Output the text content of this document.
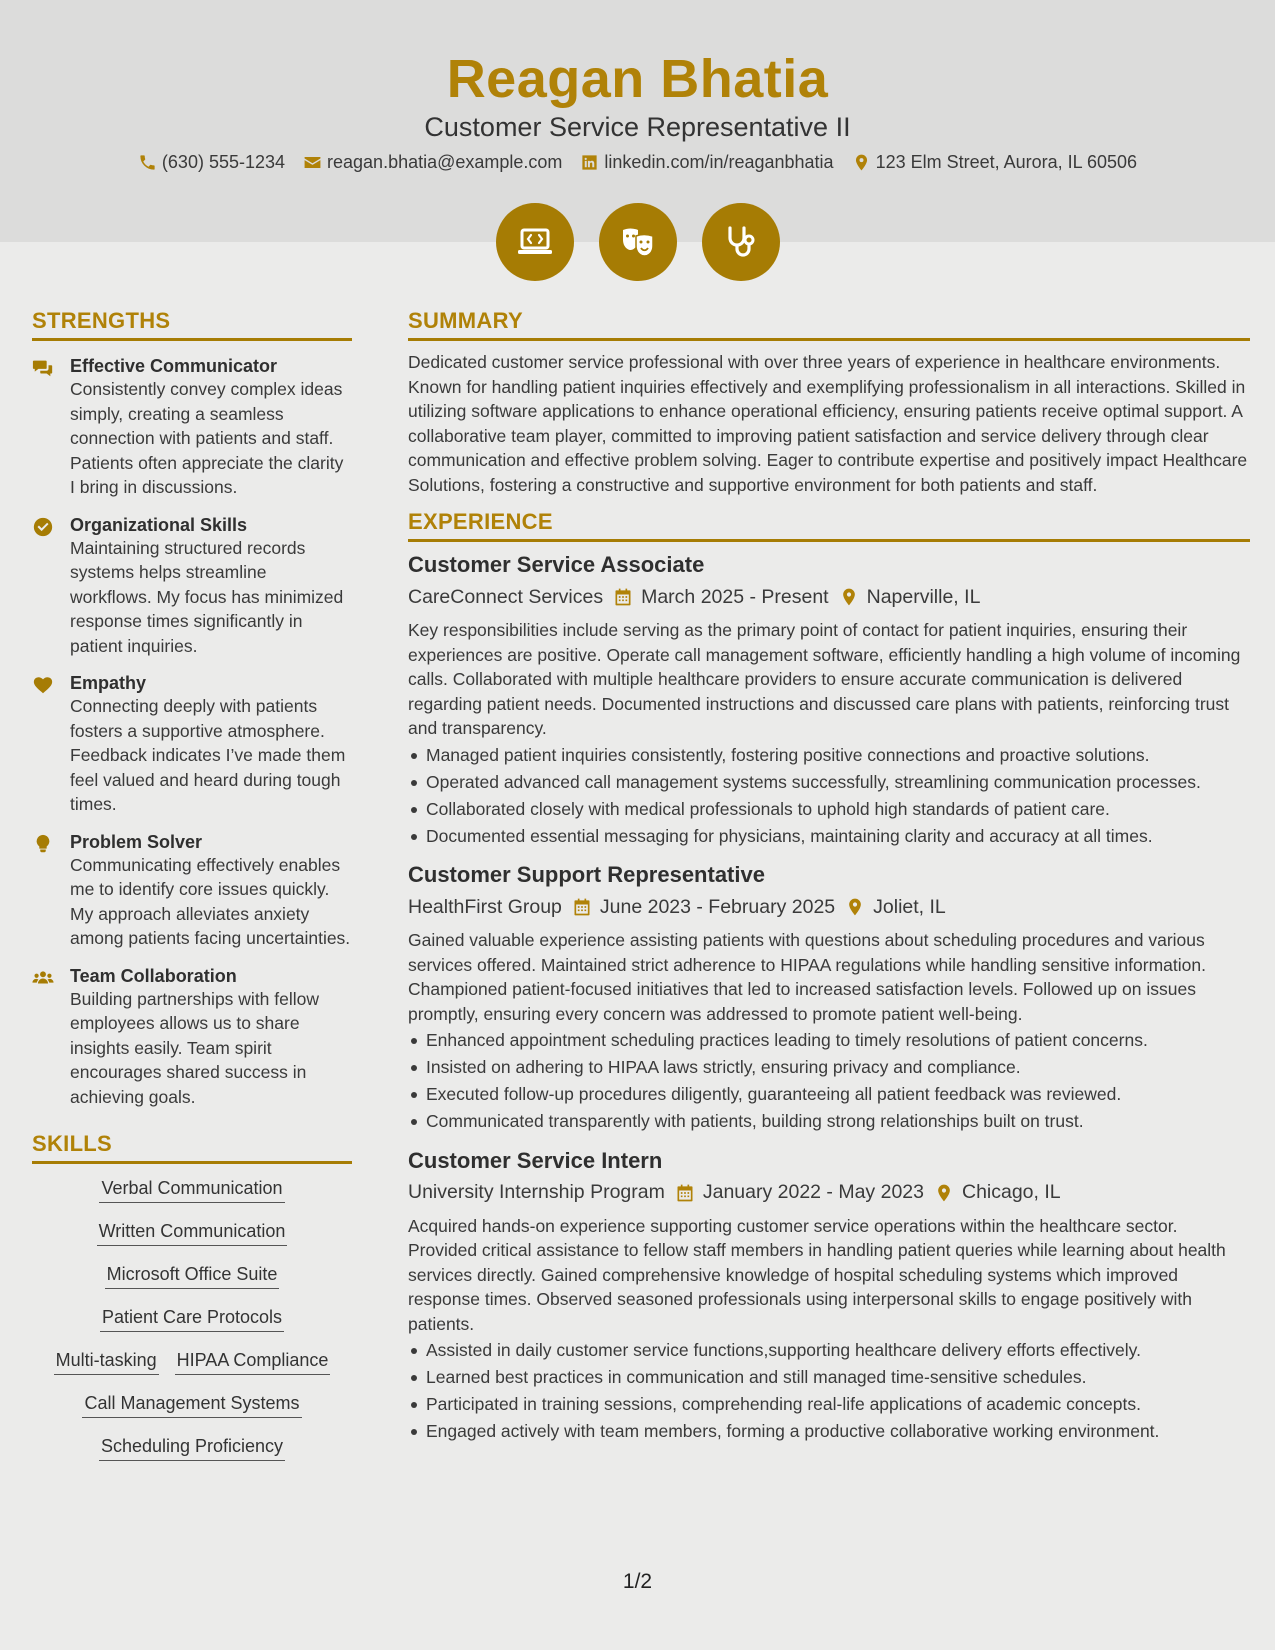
Reagan Bhatia
Customer Service Representative II
(630) 555-1234 reagan.bhatia@example.com linkedin.com/in/reaganbhatia 123 Elm Street, Aurora, IL 60506
STRENGTHS
Effective Communicator
Consistently convey complex ideas simply, creating a seamless connection with patients and staff. Patients often appreciate the clarity I bring in discussions.
Organizational Skills
Maintaining structured records systems helps streamline workflows. My focus has minimized response times significantly in patient inquiries.
Empathy
Connecting deeply with patients fosters a supportive atmosphere. Feedback indicates I’ve made them feel valued and heard during tough times.
Problem Solver
Communicating effectively enables me to identify core issues quickly. My approach alleviates anxiety among patients facing uncertainties.
Team Collaboration
Building partnerships with fellow employees allows us to share insights easily. Team spirit encourages shared success in achieving goals.
SKILLS
Verbal Communication
Written Communication
Microsoft Office Suite
Patient Care Protocols
Multi-tasking HIPAA Compliance
Call Management Systems
Scheduling Proficiency
SUMMARY
Dedicated customer service professional with over three years of experience in healthcare environments. Known for handling patient inquiries effectively and exemplifying professionalism in all interactions. Skilled in utilizing software applications to enhance operational efficiency, ensuring patients receive optimal support. A collaborative team player, committed to improving patient satisfaction and service delivery through clear communication and effective problem solving. Eager to contribute expertise and positively impact Healthcare Solutions, fostering a constructive and supportive environment for both patients and staff.
EXPERIENCE
Customer Service Associate
CareConnect Services March 2025 - Present Naperville, IL
Key responsibilities include serving as the primary point of contact for patient inquiries, ensuring their experiences are positive. Operate call management software, efficiently handling a high volume of incoming calls. Collaborated with multiple healthcare providers to ensure accurate communication is delivered regarding patient needs. Documented instructions and discussed care plans with patients, reinforcing trust and transparency.
Managed patient inquiries consistently, fostering positive connections and proactive solutions.
Operated advanced call management systems successfully, streamlining communication processes.
Collaborated closely with medical professionals to uphold high standards of patient care.
Documented essential messaging for physicians, maintaining clarity and accuracy at all times.
Customer Support Representative
HealthFirst Group June 2023 - February 2025 Joliet, IL
Gained valuable experience assisting patients with questions about scheduling procedures and various services offered. Maintained strict adherence to HIPAA regulations while handling sensitive information. Championed patient-focused initiatives that led to increased satisfaction levels. Followed up on issues promptly, ensuring every concern was addressed to promote patient well-being.
Enhanced appointment scheduling practices leading to timely resolutions of patient concerns.
Insisted on adhering to HIPAA laws strictly, ensuring privacy and compliance.
Executed follow-up procedures diligently, guaranteeing all patient feedback was reviewed.
Communicated transparently with patients, building strong relationships built on trust.
Customer Service Intern
University Internship Program January 2022 - May 2023 Chicago, IL
Acquired hands-on experience supporting customer service operations within the healthcare sector. Provided critical assistance to fellow staff members in handling patient queries while learning about health services directly. Gained comprehensive knowledge of hospital scheduling systems which improved response times. Observed seasoned professionals using interpersonal skills to engage positively with patients.
Assisted in daily customer service functions,supporting healthcare delivery efforts effectively.
Learned best practices in communication and still managed time-sensitive schedules.
Participated in training sessions, comprehending real-life applications of academic concepts.
Engaged actively with team members, forming a productive collaborative working environment.
1/2
